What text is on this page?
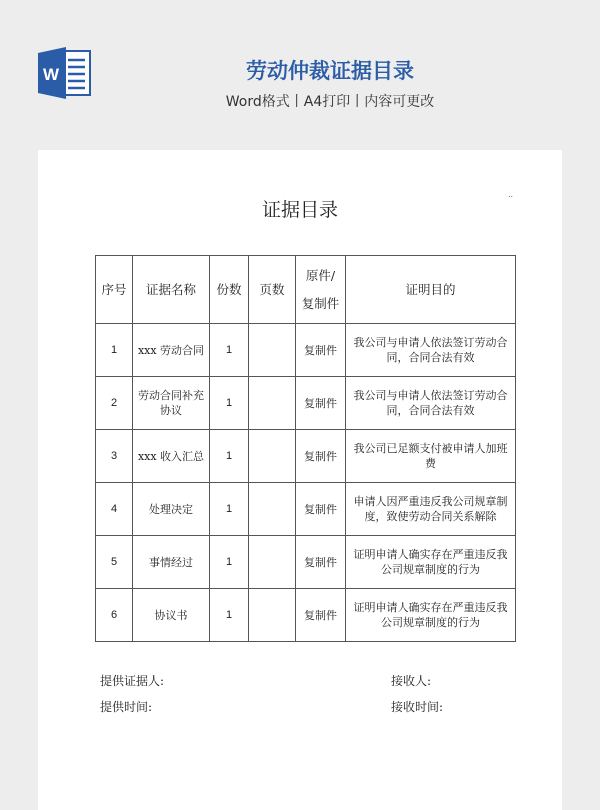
W	劳动仲裁证据目录
Word格式丨A4打印丨内容可更改
证据目录
..
序号	证据名称	份数	页数	原件/复制件	证明目的
1	xxx 劳动合同	1		复制件	我公司与申请人依法签订劳动合同，合同合法有效
2	劳动合同补充协议	1		复制件	我公司与申请人依法签订劳动合同，合同合法有效
3	xxx 收入汇总	1		复制件	我公司已足额支付被申请人加班费
4	处理决定	1		复制件	申请人因严重违反我公司规章制度，致使劳动合同关系解除
5	事情经过	1		复制件	证明申请人确实存在严重违反我公司规章制度的行为
6	协议书	1		复制件	证明申请人确实存在严重违反我公司规章制度的行为
提供证据人:	接收人:
提供时间:	接收时间:
